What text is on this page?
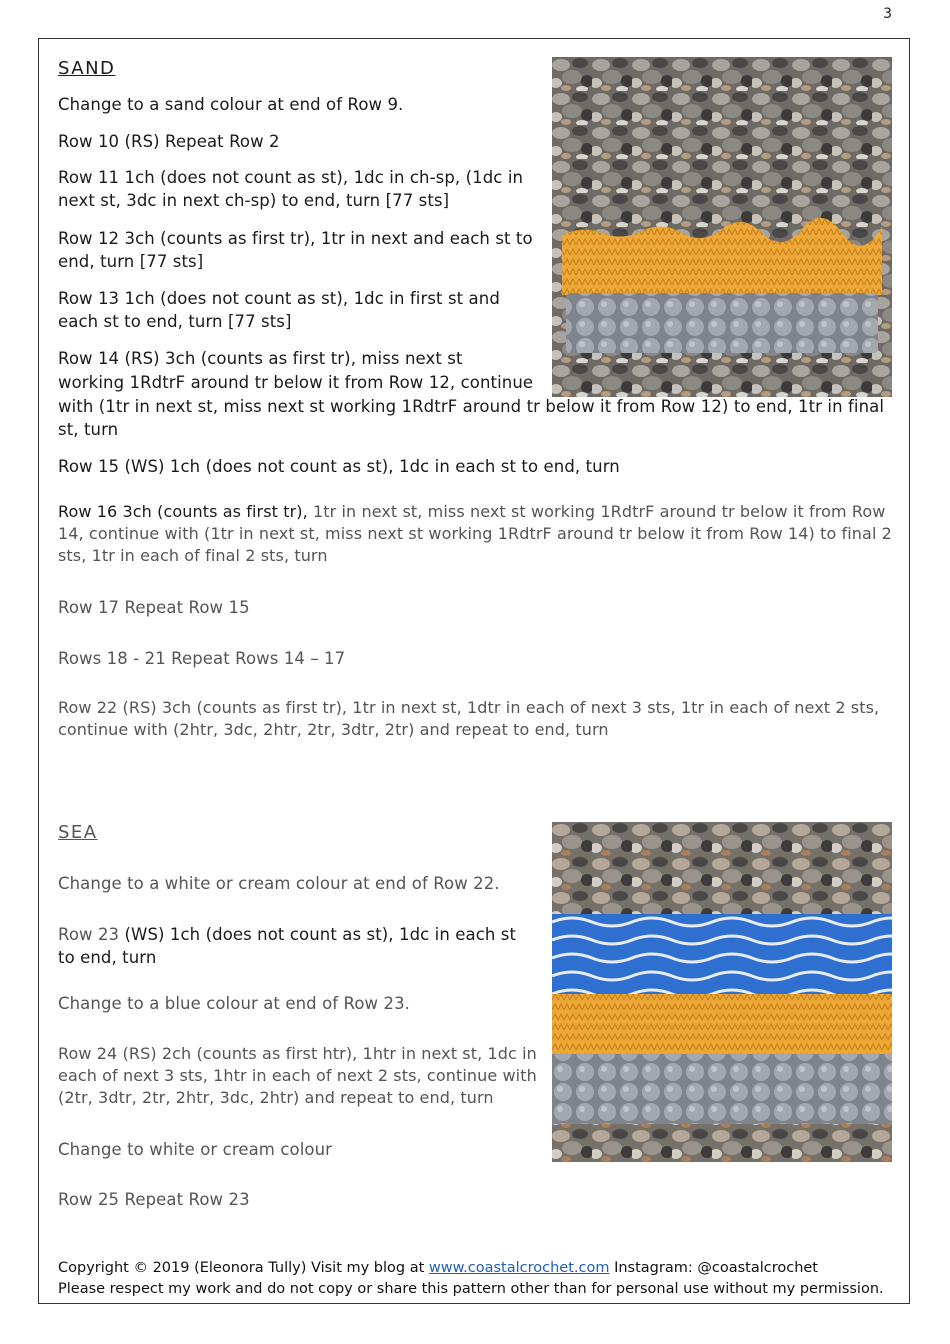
3

SAND

Change to a sand colour at end of Row 9.

Row 10 (RS) Repeat Row 2

Row 11 1ch (does not count as st), 1dc in ch-sp, (1dc in next st, 3dc in next ch-sp) to end, turn [77 sts]

Row 12 3ch (counts as first tr), 1tr in next and each st to end, turn [77 sts]

Row 13 1ch (does not count as st), 1dc in first st and each st to end, turn [77 sts]

Row 14 (RS) 3ch (counts as first tr), miss next st

working 1RdtrF around tr below it from Row 12, continue

with (1tr in next st, miss next st working 1RdtrF around tr below it from Row 12) to end, 1tr in final st, turn

Row 15 (WS) 1ch (does not count as st), 1dc in each st to end, turn

Row 16 3ch (counts as first tr), 1tr in next st, miss next st working 1RdtrF around tr below it from Row 14, continue with (1tr in next st, miss next st working 1RdtrF around tr below it from Row 14) to final 2 sts, 1tr in each of final 2 sts, turn

Row 17 Repeat Row 15

Rows 18 - 21 Repeat Rows 14 – 17

Row 22 (RS) 3ch (counts as first tr), 1tr in next st, 1dtr in each of next 3 sts, 1tr in each of next 2 sts, continue with (2htr, 3dc, 2htr, 2tr, 3dtr, 2tr) and repeat to end, turn

SEA

Change to a white or cream colour at end of Row 22.

Row 23 (WS) 1ch (does not count as st), 1dc in each st to end, turn

Change to a blue colour at end of Row 23.

Row 24 (RS) 2ch (counts as first htr), 1htr in next st, 1dc in each of next 3 sts, 1htr in each of next 2 sts, continue with (2tr, 3dtr, 2tr, 2htr, 3dc, 2htr) and repeat to end, turn

Change to white or cream colour

Row 25 Repeat Row 23

Copyright © 2019 (Eleonora Tully) Visit my blog at www.coastalcrochet.com Instagram: @coastalcrochet
Please respect my work and do not copy or share this pattern other than for personal use without my permission.
